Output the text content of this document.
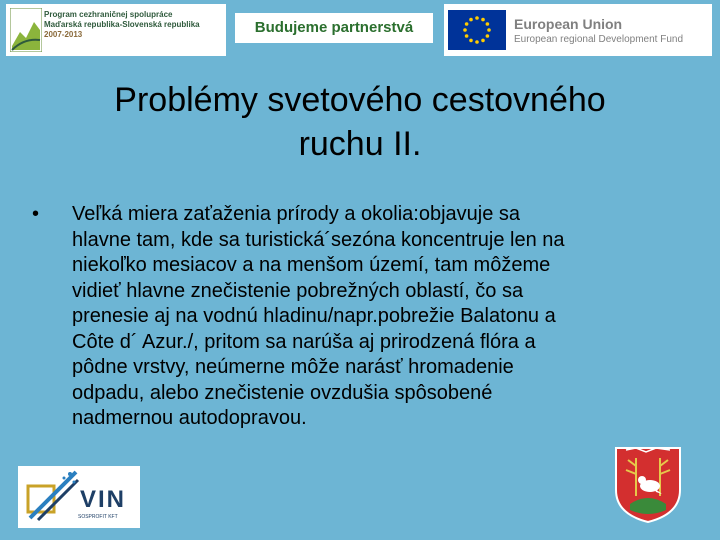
Program cezhraničnej spolupráce
Maďarská republika-Slovenská republika
2007-2013	Budujeme partnerstvá	European Union
European regional Development Fund
Problémy svetového cestovného
ruchu II.
• Veľká miera zaťaženia prírody a okolia:objavuje sa
hlavne tam, kde sa turistická´sezóna koncentruje len na
niekoľko mesiacov a na menšom území, tam môžeme
vidieť hlavne znečistenie pobrežných oblastí, čo sa
prenesie aj na vodnú hladinu/napr.pobrežie Balatonu a
Côte d´ Azur./, pritom sa narúša aj prirodzená flóra a
pôdne vrstvy, neúmerne môže narásť hromadenie
odpadu, alebo znečistenie ovzdušia spôsobené
nadmernou autodopravou.
VIN
SOSPROFIT KFT
